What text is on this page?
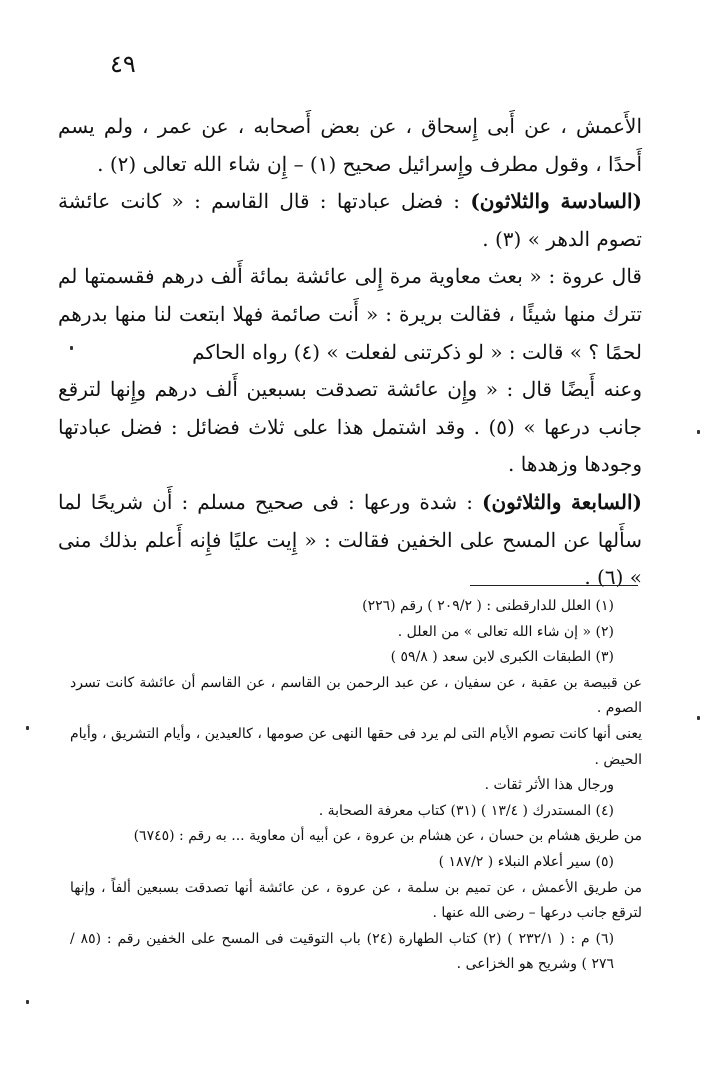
٤٩

الأَعمش ، عن أَبى إِسحاق ، عن بعض أَصحابه ، عن عمر ، ولم يسم أَحدًا ، وقول مطرف وإِسرائيل صحيح (١) – إِن شاء الله تعالى (٢) .

(السادسة والثلاثون) : فضل عبادتها : قال القاسم : « كانت عائشة تصوم الدهر » (٣) .

قال عروة : « بعث معاوية مرة إِلى عائشة بمائة أَلف درهم فقسمتها لم تترك منها شيئًا ، فقالت بريرة : « أَنت صائمة فهلا ابتعت لنا منها بدرهم لحمًا ؟ » قالت : « لو ذكرتنى لفعلت » (٤) رواه الحاكم

وعنه أَيضًا قال : « وإِن عائشة تصدقت بسبعين أَلف درهم وإِنها لترقع جانب درعها » (٥) . وقد اشتمل هذا على ثلاث فضائل : فضل عبادتها وجودها وزهدها .

(السابعة والثلاثون) : شدة ورعها : فى صحيح مسلم : أَن شريحًا لما سأَلها عن المسح على الخفين فقالت : « إِيت عليًا فإِنه أَعلم بذلك منى » (٦) .

(١) العلل للدارقطنى : ( ٢٠٩/٢ ) رقم (٢٢٦)

(٢) « إن شاء الله تعالى » من العلل .

(٣) الطبقات الكبرى لابن سعد ( ٥٩/٨ )

عن قبيصة بن عقبة ، عن سفيان ، عن عبد الرحمن بن القاسم ، عن القاسم أن عائشة كانت تسرد الصوم .

يعنى أنها كانت تصوم الأيام التى لم يرد فى حقها النهى عن صومها ، كالعيدين ، وأيام التشريق ، وأيام الحيض .

ورجال هذا الأثر ثقات .

(٤) المستدرك ( ١٣/٤ ) (٣١) كتاب معرفة الصحابة .

من طريق هشام بن حسان ، عن هشام بن عروة ، عن أبيه أن معاوية ... به رقم : (٦٧٤٥)

(٥) سير أعلام النبلاء ( ١٨٧/٢ )

من طريق الأعمش ، عن تميم بن سلمة ، عن عروة ، عن عائشة أنها تصدقت بسبعين ألفاً ، وإنها لترقع جانب درعها – رضى الله عنها .

(٦) م : ( ٢٣٢/١ ) (٢) كتاب الطهارة (٢٤) باب التوقيت فى المسح على الخفين رقم : (٨٥ / ٢٧٦ ) وشريح هو الخزاعى .
